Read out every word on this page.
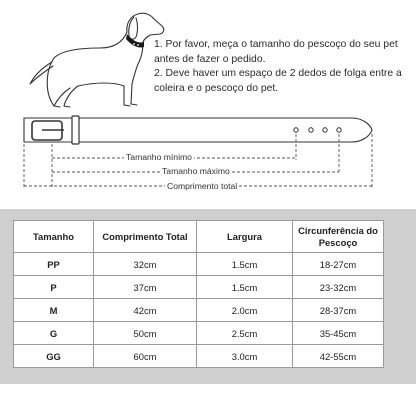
1. Por favor, meça o tamanho do pescoço do seu pet antes de fazer o pedido.

2. Deve haver um espaço de 2 dedos de folga entre a coleira e o pescoço do pet.

Tamanho mínimo
Tamanho máximo
Comprimento total
Tamanho	Comprimento Total	Largura	Circunferência do Pescoço
PP	32cm	1.5cm	18-27cm
P	37cm	1.5cm	23-32cm
M	42cm	2.0cm	28-37cm
G	50cm	2.5cm	35-45cm
GG	60cm	3.0cm	42-55cm
